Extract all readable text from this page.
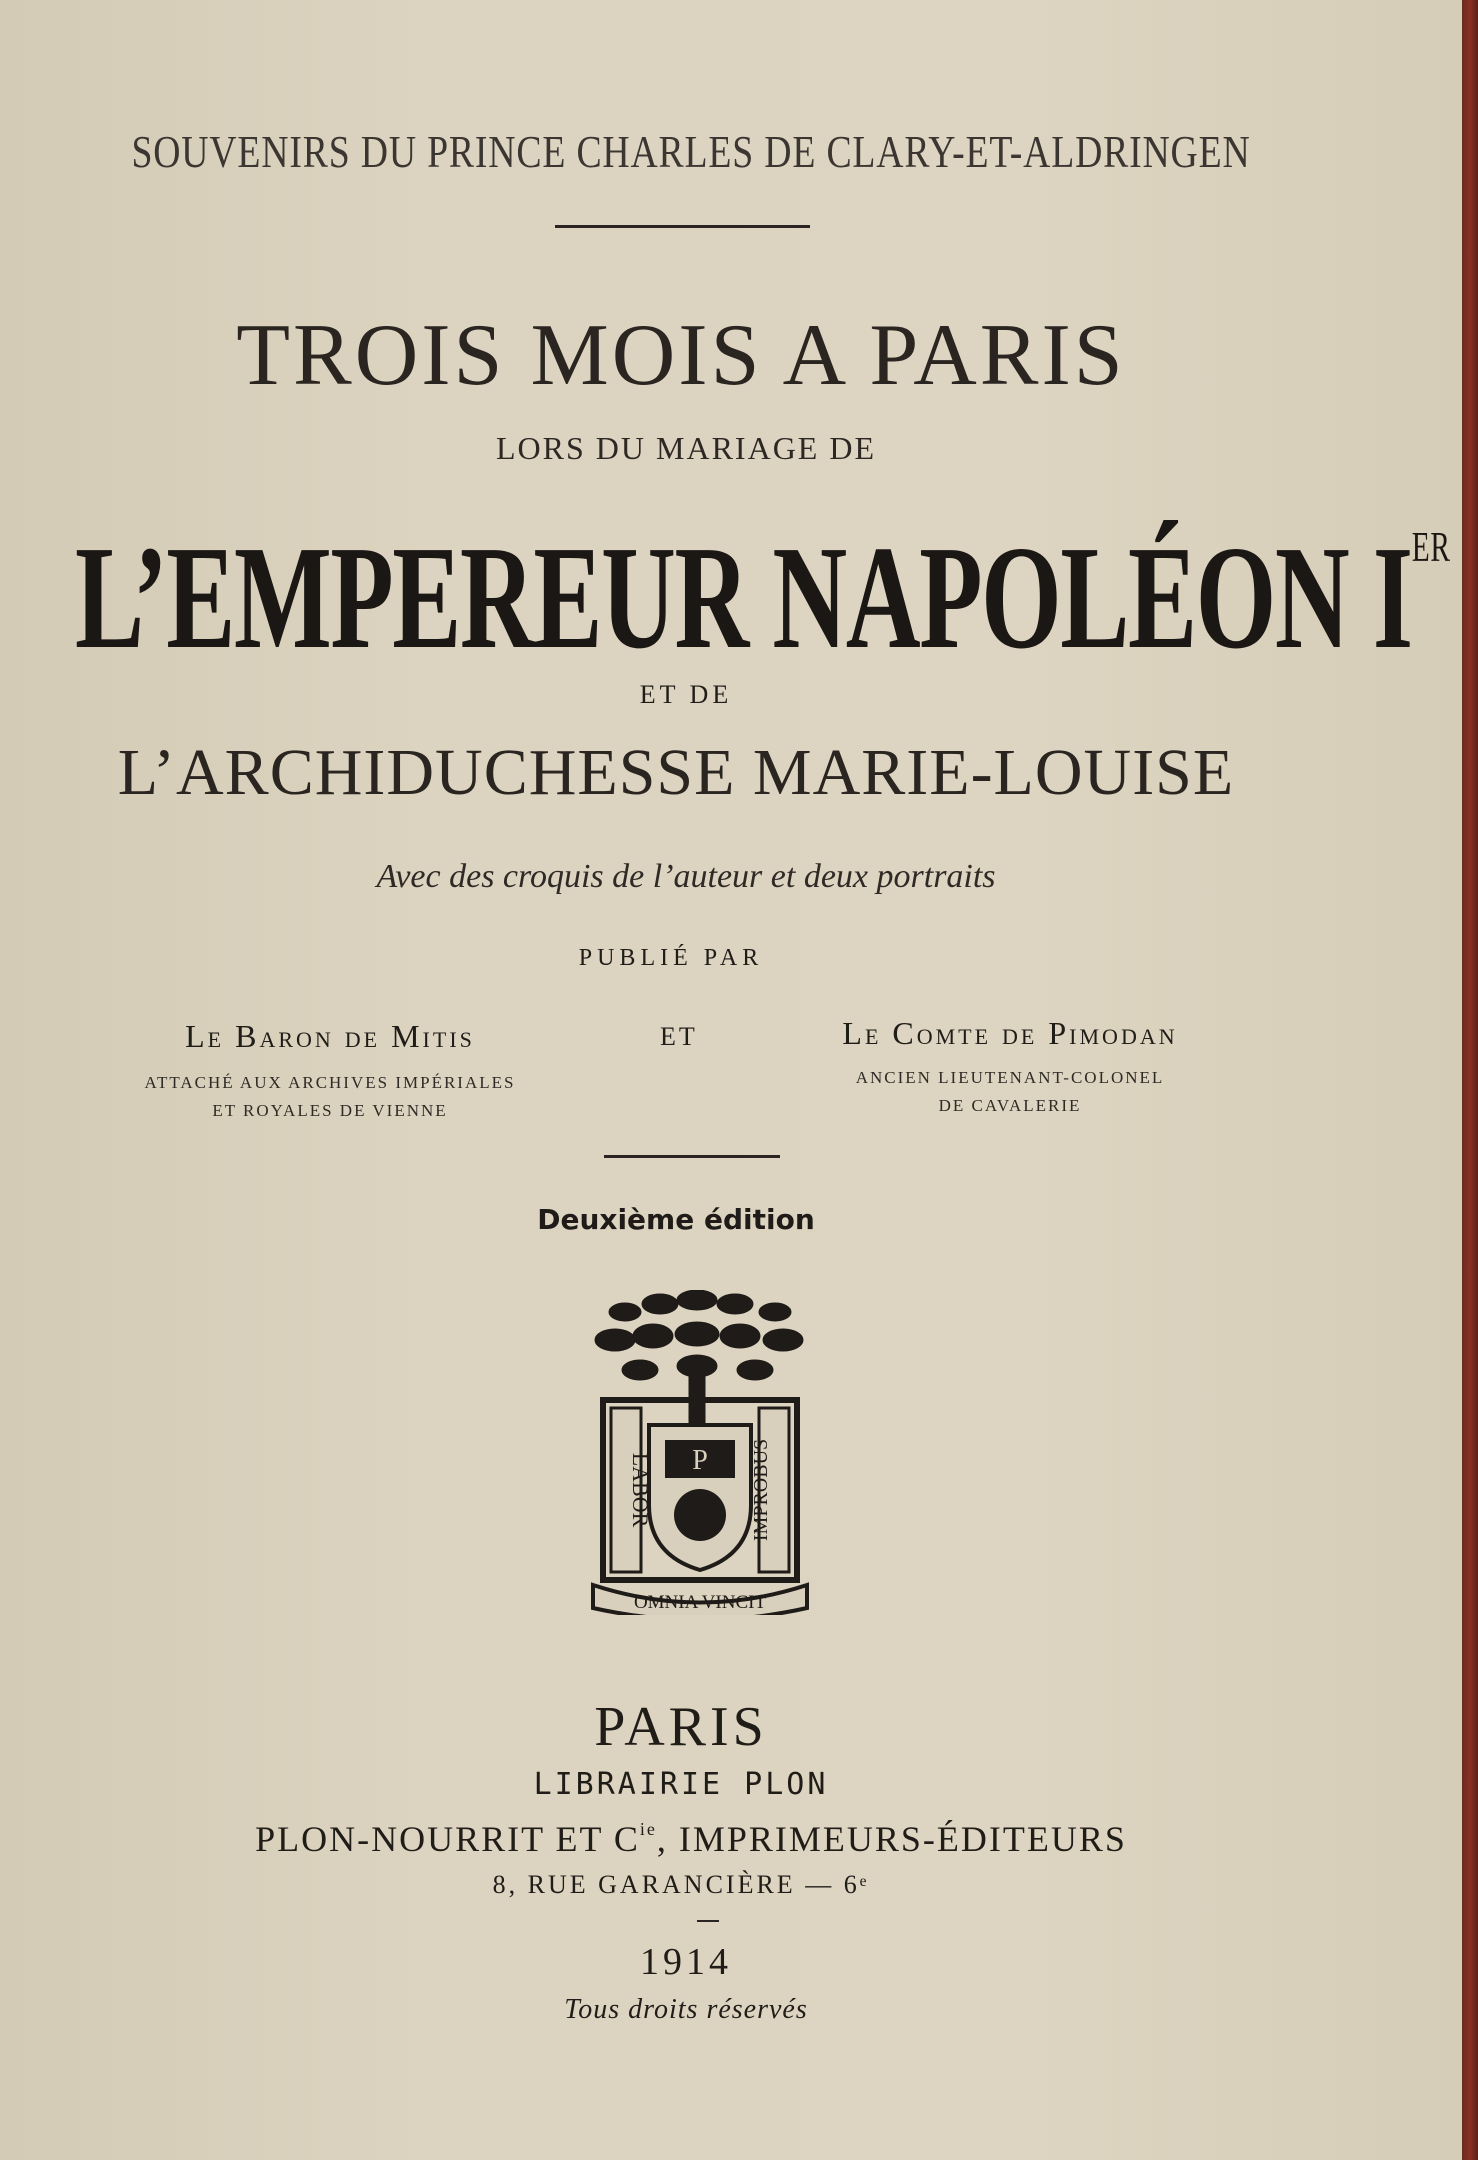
SOUVENIRS DU PRINCE CHARLES DE CLARY-ET-ALDRINGEN

TROIS MOIS A PARIS

LORS DU MARIAGE DE

L’EMPEREUR NAPOLÉON IER

ET DE

L’ARCHIDUCHESSE MARIE-LOUISE

Avec des croquis de l’auteur et deux portraits

PUBLIÉ PAR

Le Baron de Mitis
ATTACHÉ AUX ARCHIVES IMPÉRIALES
ET ROYALES DE VIENNE
ET	Le Comte de Pimodan
ANCIEN LIEUTENANT-COLONEL
DE CAVALERIE

Deuxième édition

P
LABOR	IMPROBUS
OMNIA VINCIT

PARIS

LIBRAIRIE PLON

PLON-NOURRIT ET $C^{ie}$, IMPRIMEURS-ÉDITEURS

8, RUE GARANCIÈRE — 6ᵉ

1914

Tous droits réservés
